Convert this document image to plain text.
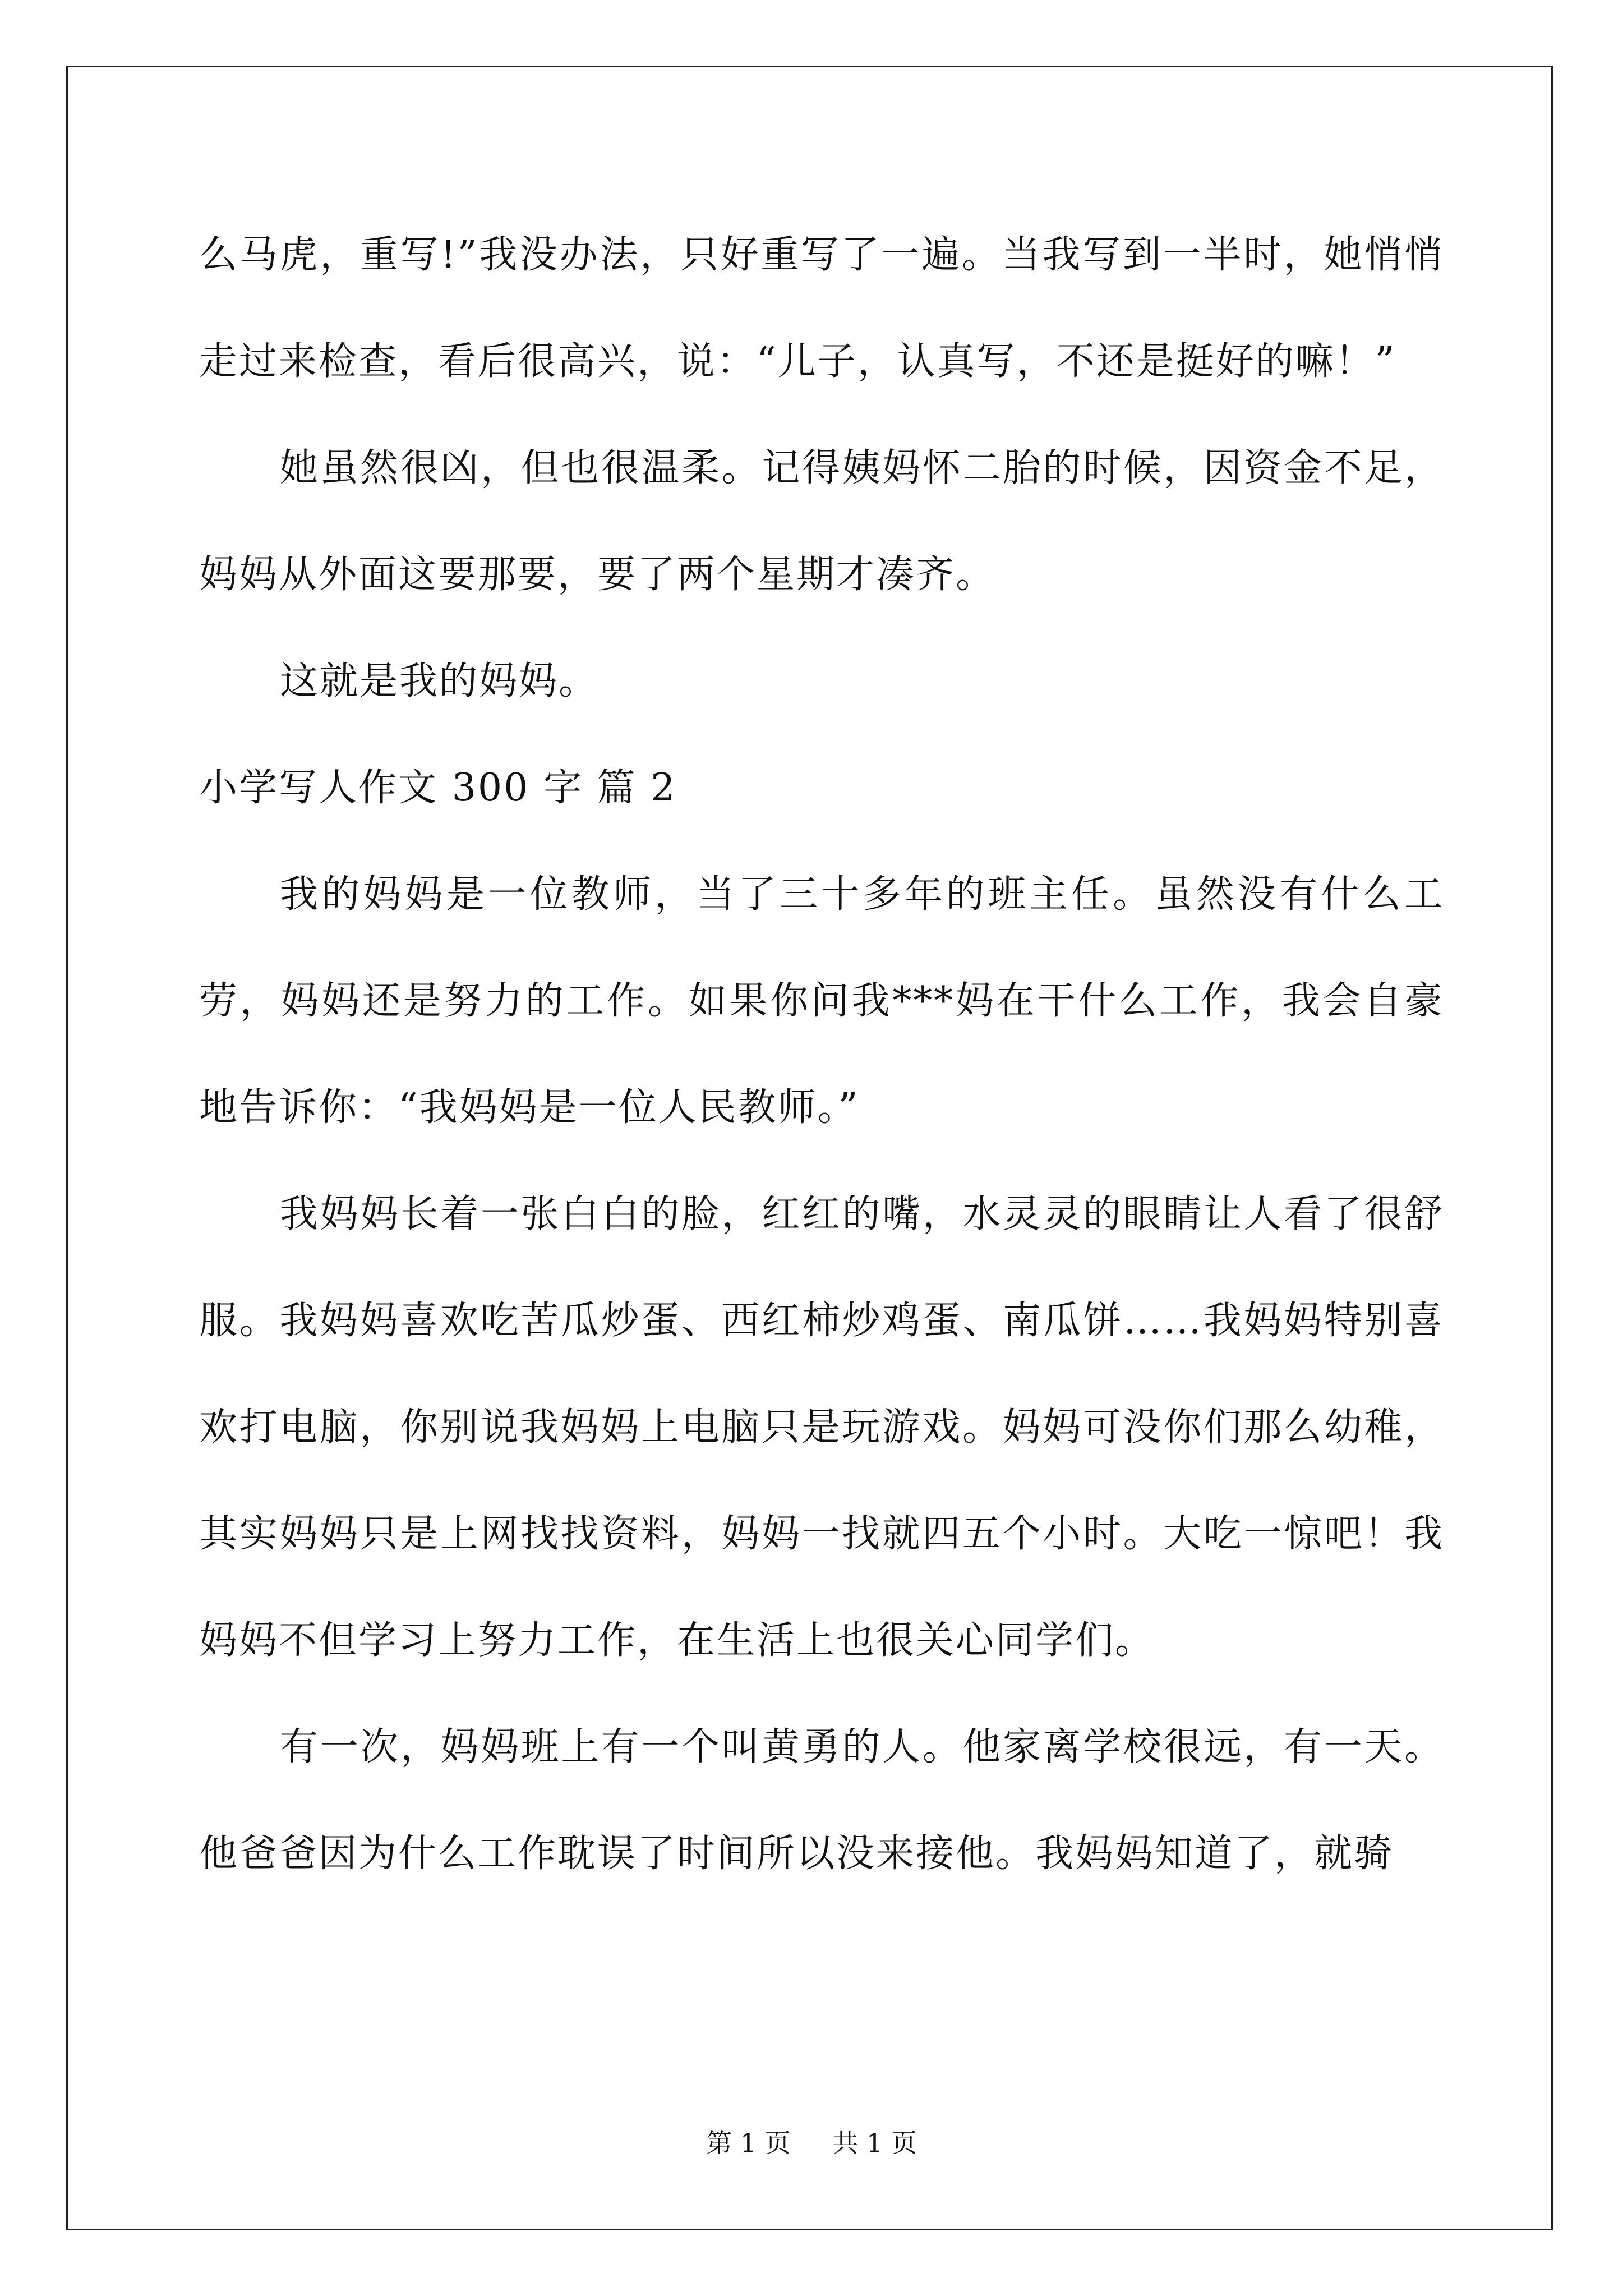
么马虎，重写!”我没办法，只好重写了一遍。当我写到一半时，她悄悄走过来检查，看后很高兴，说：“儿子，认真写，不还是挺好的嘛！”

她虽然很凶，但也很温柔。记得姨妈怀二胎的时候，因资金不足，妈妈从外面这要那要，要了两个星期才凑齐。

这就是我的妈妈。

小学写人作文 300 字 篇 2

我的妈妈是一位教师，当了三十多年的班主任。虽然没有什么工劳，妈妈还是努力的工作。如果你问我***妈在干什么工作，我会自豪地告诉你：“我妈妈是一位人民教师。”

我妈妈长着一张白白的脸，红红的嘴，水灵灵的眼睛让人看了很舒服。我妈妈喜欢吃苦瓜炒蛋、西红柿炒鸡蛋、南瓜饼……我妈妈特别喜欢打电脑，你别说我妈妈上电脑只是玩游戏。妈妈可没你们那么幼稚，其实妈妈只是上网找找资料，妈妈一找就四五个小时。大吃一惊吧！我妈妈不但学习上努力工作，在生活上也很关心同学们。

有一次，妈妈班上有一个叫黄勇的人。他家离学校很远，有一天。他爸爸因为什么工作耽误了时间所以没来接他。我妈妈知道了，就骑

第 1 页 共 1 页
